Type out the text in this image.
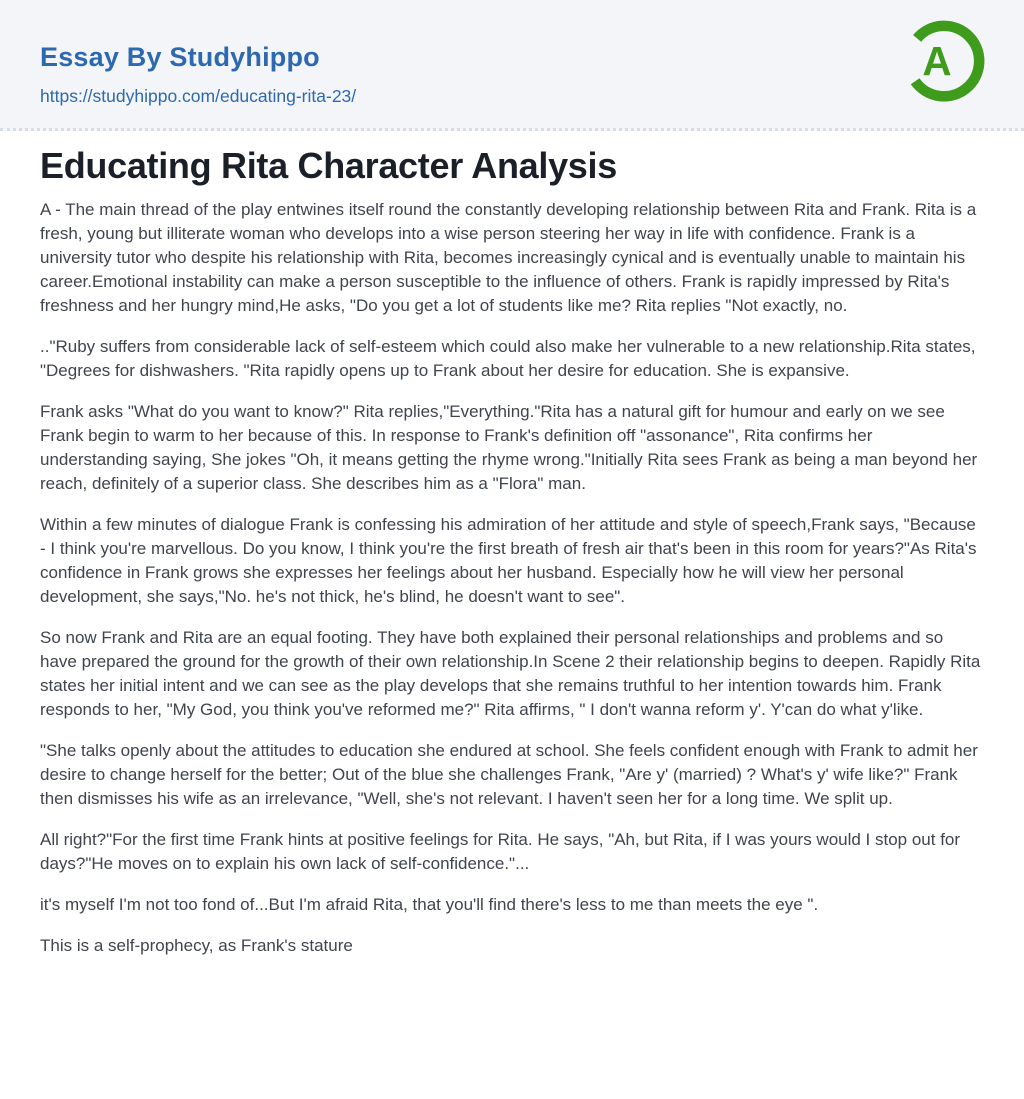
Essay By Studyhippo
https://studyhippo.com/educating-rita-23/
A
Educating Rita Character Analysis

A - The main thread of the play entwines itself round the constantly developing relationship between Rita and Frank. Rita is a fresh, young but illiterate woman who develops into a wise person steering her way in life with confidence. Frank is a university tutor who despite his relationship with Rita, becomes increasingly cynical and is eventually unable to maintain his career.Emotional instability can make a person susceptible to the influence of others. Frank is rapidly impressed by Rita's freshness and her hungry mind,He asks, "Do you get a lot of students like me? Rita replies "Not exactly, no.

.."Ruby suffers from considerable lack of self-esteem which could also make her vulnerable to a new relationship.Rita states, "Degrees for dishwashers. "Rita rapidly opens up to Frank about her desire for education. She is expansive.

Frank asks "What do you want to know?" Rita replies,"Everything."Rita has a natural gift for humour and early on we see Frank begin to warm to her because of this. In response to Frank's definition off "assonance", Rita confirms her understanding saying, She jokes "Oh, it means getting the rhyme wrong."Initially Rita sees Frank as being a man beyond her reach, definitely of a superior class. She describes him as a "Flora" man.

Within a few minutes of dialogue Frank is confessing his admiration of her attitude and style of speech,Frank says, "Because - I think you're marvellous. Do you know, I think you're the first breath of fresh air that's been in this room for years?"As Rita's confidence in Frank grows she expresses her feelings about her husband. Especially how he will view her personal development, she says,"No. he's not thick, he's blind, he doesn't want to see".

So now Frank and Rita are an equal footing. They have both explained their personal relationships and problems and so have prepared the ground for the growth of their own relationship.In Scene 2 their relationship begins to deepen. Rapidly Rita states her initial intent and we can see as the play develops that she remains truthful to her intention towards him. Frank responds to her, "My God, you think you've reformed me?" Rita affirms, " I don't wanna reform y'. Y'can do what y'like.

"She talks openly about the attitudes to education she endured at school. She feels confident enough with Frank to admit her desire to change herself for the better; Out of the blue she challenges Frank, "Are y' (married) ? What's y' wife like?" Frank then dismisses his wife as an irrelevance, "Well, she's not relevant. I haven't seen her for a long time. We split up.

All right?"For the first time Frank hints at positive feelings for Rita. He says, "Ah, but Rita, if I was yours would I stop out for days?"He moves on to explain his own lack of self-confidence."...

it's myself I'm not too fond of...But I'm afraid Rita, that you'll find there's less to me than meets the eye ".

This is a self-prophecy, as Frank's stature
